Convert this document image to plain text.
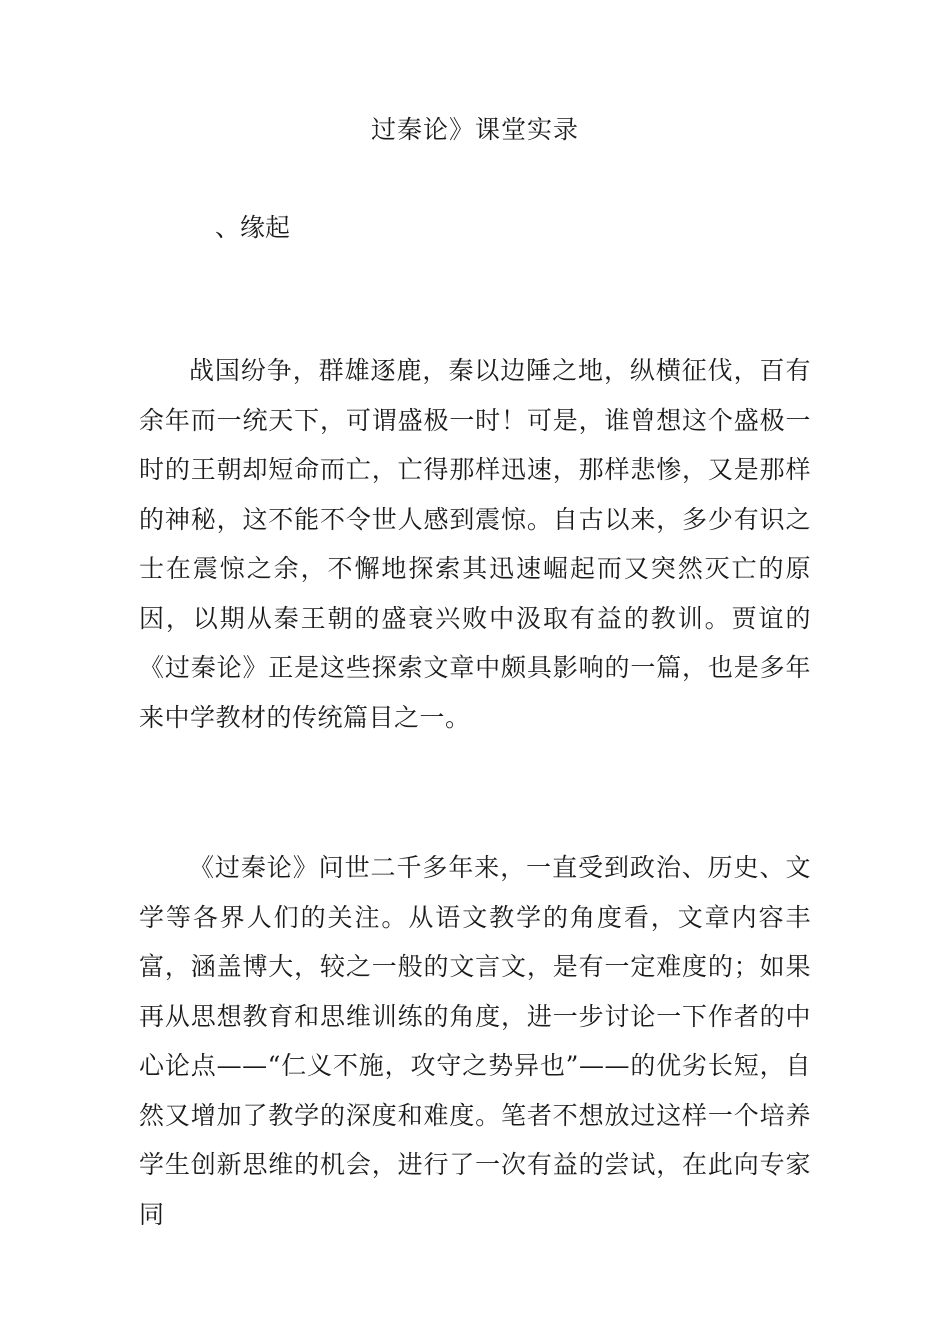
过秦论》课堂实录
、缘起

战国纷争，群雄逐鹿，秦以边陲之地，纵横征伐，百有余年而一统天下，可谓盛极一时！可是，谁曾想这个盛极一时的王朝却短命而亡，亡得那样迅速，那样悲惨，又是那样的神秘，这不能不令世人感到震惊。自古以来，多少有识之士在震惊之余，不懈地探索其迅速崛起而又突然灭亡的原因，以期从秦王朝的盛衰兴败中汲取有益的教训。贾谊的《过秦论》正是这些探索文章中颇具影响的一篇，也是多年来中学教材的传统篇目之一。

《过秦论》问世二千多年来，一直受到政治、历史、文学等各界人们的关注。从语文教学的角度看，文章内容丰富，涵盖博大，较之一般的文言文，是有一定难度的；如果再从思想教育和思维训练的角度，进一步讨论一下作者的中心论点——“仁义不施，攻守之势异也”——的优劣长短，自然又增加了教学的深度和难度。笔者不想放过这样一个培养学生创新思维的机会，进行了一次有益的尝试，在此向专家同
